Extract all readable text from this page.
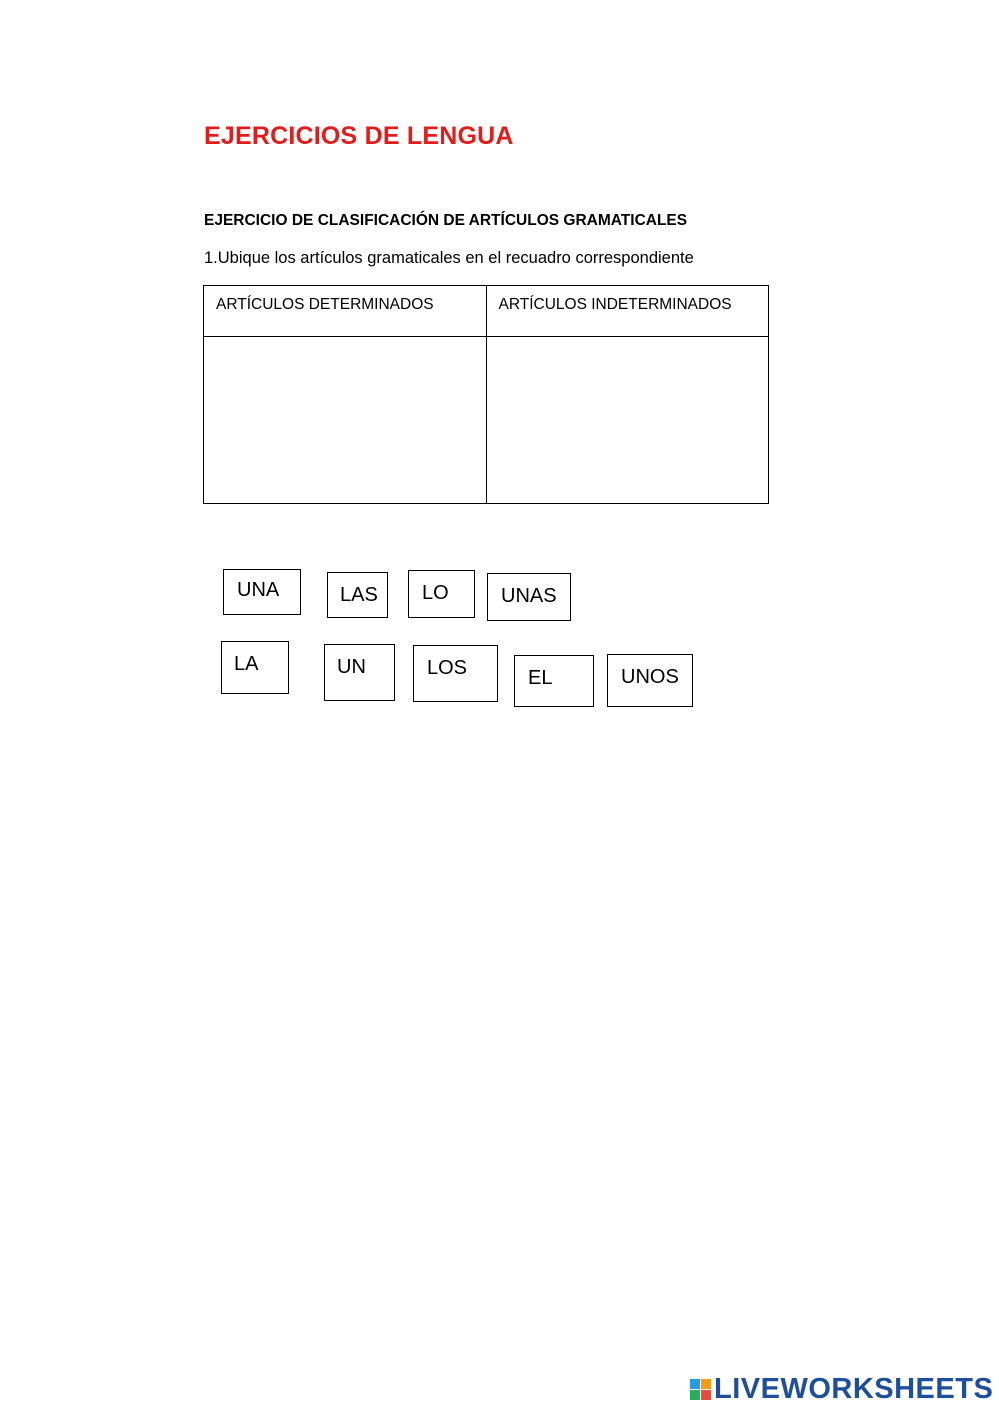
EJERCICIOS DE LENGUA
EJERCICIO DE CLASIFICACIÓN DE ARTÍCULOS GRAMATICALES
1.Ubique los artículos gramaticales en el recuadro correspondiente
ARTÍCULOS DETERMINADOS	ARTÍCULOS INDETERMINADOS

UNA	LAS LO	UNAS
LA	UN	LOS	EL	UNOS
LIVEWORKSHEETS
